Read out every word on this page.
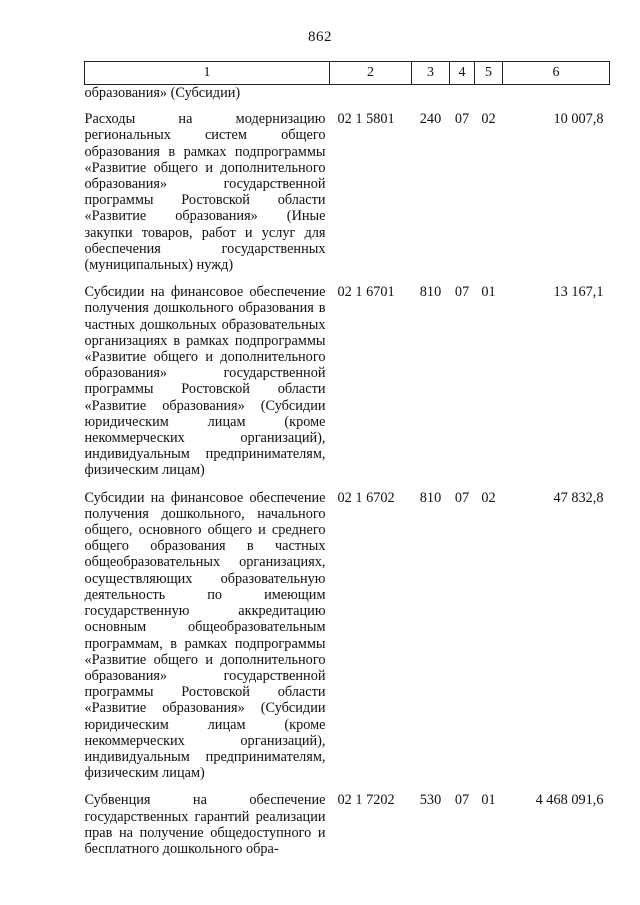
862
1	2	3	4	5	6
образования» (Субсидии)					
Расходы на модернизацию региональных систем общего образования в рамках подпрограммы «Развитие общего и дополнительного образования» государственной программы Ростовской области «Развитие образования» (Иные закупки товаров, работ и услуг для обеспечения государственных (муниципальных) нужд)	02 1 5801	240	07	02	10 007,8
Субсидии на финансовое обеспечение получения дошкольного образования в частных дошкольных образовательных организациях в рамках подпрограммы «Развитие общего и дополнительного образования» государственной программы Ростовской области «Развитие образования» (Субсидии юридическим лицам (кроме некоммерческих организаций), индивидуальным предпринимателям, физическим лицам)	02 1 6701	810	07	01	13 167,1
Субсидии на финансовое обеспечение получения дошкольного, начального общего, основного общего и среднего общего образования в частных общеобразовательных организациях, осуществляющих образовательную деятельность по имеющим государственную аккредитацию основным общеобразовательным программам, в рамках подпрограммы «Развитие общего и дополнительного образования» государственной программы Ростовской области «Развитие образования» (Субсидии юридическим лицам (кроме некоммерческих организаций), индивидуальным предпринимателям, физическим лицам)	02 1 6702	810	07	02	47 832,8
Субвенция на обеспечение государственных гарантий реализации прав на получение общедоступного и бесплатного дошкольного обра-	02 1 7202	530	07	01	4 468 091,6
